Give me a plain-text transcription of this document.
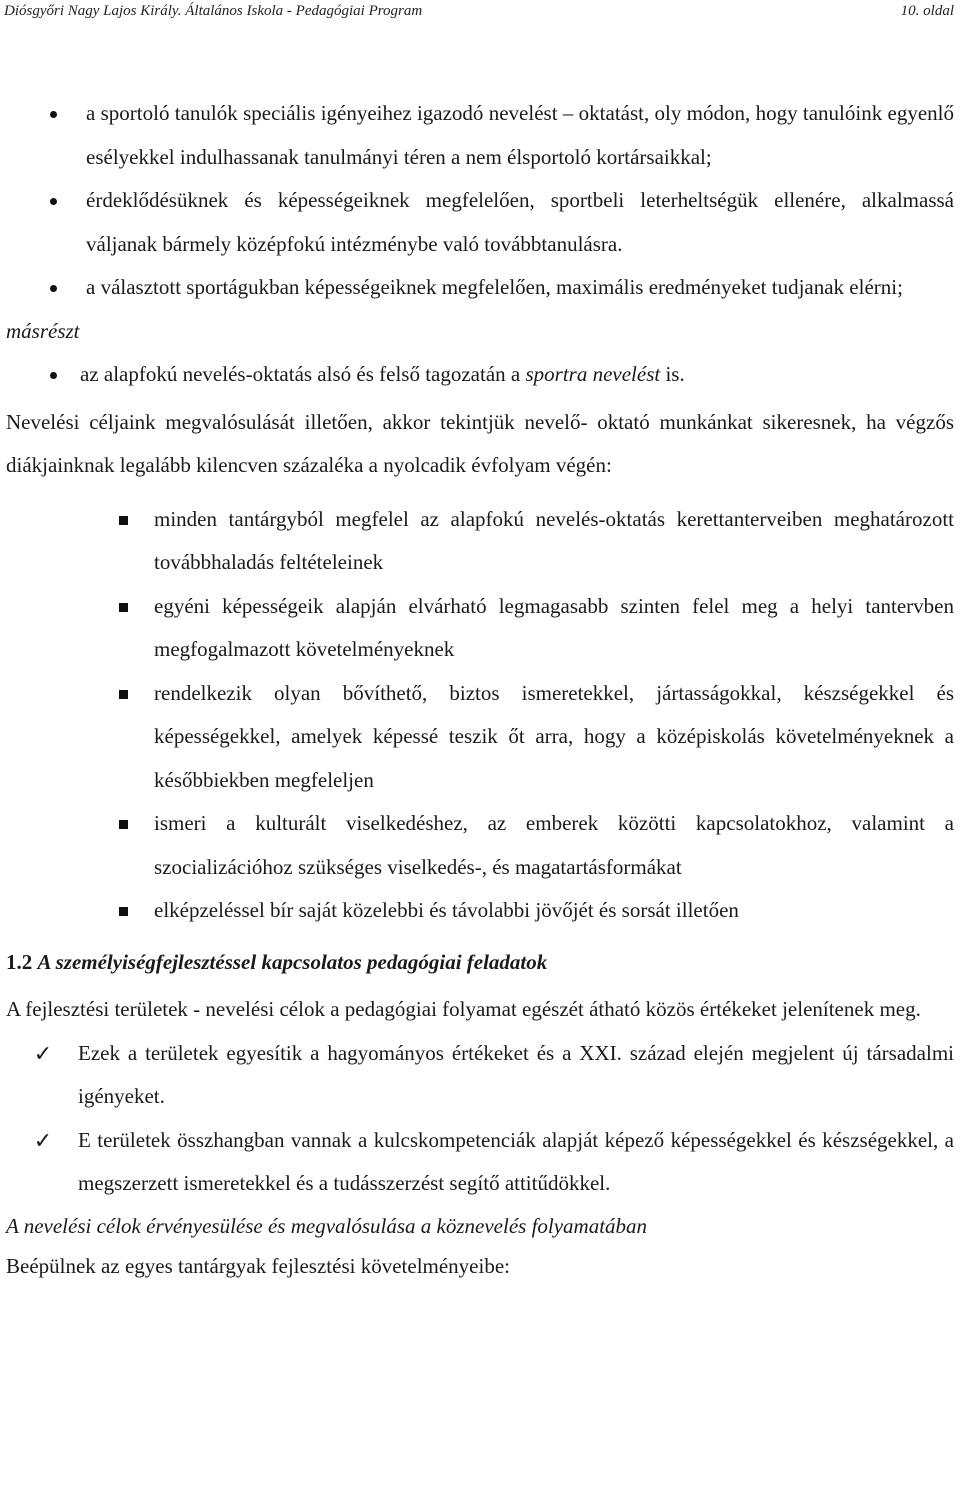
Diósgyőri Nagy Lajos Király. Általános Iskola - Pedagógiai Program	10. oldal
a sportoló tanulók speciális igényeihez igazodó nevelést – oktatást, oly módon, hogy tanulóink egyenlő esélyekkel indulhassanak tanulmányi téren a nem élsportoló kortársaikkal;
érdeklődésüknek és képességeiknek megfelelően, sportbeli leterheltségük ellenére, alkalmassá váljanak bármely középfokú intézménybe való továbbtanulásra.
a választott sportágukban képességeiknek megfelelően, maximális eredményeket tudjanak elérni;
másrészt
az alapfokú nevelés-oktatás alsó és felső tagozatán a sportra nevelést is.
Nevelési céljaink megvalósulását illetően, akkor tekintjük nevelő- oktató munkánkat sikeresnek, ha végzős diákjainknak legalább kilencven százaléka a nyolcadik évfolyam végén:
minden tantárgyból megfelel az alapfokú nevelés-oktatás kerettanterveiben meghatározott továbbhaladás feltételeinek
egyéni képességeik alapján elvárható legmagasabb szinten felel meg a helyi tantervben megfogalmazott követelményeknek
rendelkezik olyan bővíthető, biztos ismeretekkel, jártasságokkal, készségekkel és képességekkel, amelyek képessé teszik őt arra, hogy a középiskolás követelményeknek a későbbiekben megfeleljen
ismeri a kulturált viselkedéshez, az emberek közötti kapcsolatokhoz, valamint a szocializációhoz szükséges viselkedés-, és magatartásformákat
elképzeléssel bír saját közelebbi és távolabbi jövőjét és sorsát illetően
1.2 A személyiségfejlesztéssel kapcsolatos pedagógiai feladatok
A fejlesztési területek - nevelési célok a pedagógiai folyamat egészét átható közös értékeket jelenítenek meg.
✓ Ezek a területek egyesítik a hagyományos értékeket és a XXI. század elején megjelent új társadalmi igényeket.
✓ E területek összhangban vannak a kulcskompetenciák alapját képező képességekkel és készségekkel, a megszerzett ismeretekkel és a tudásszerzést segítő attitűdökkel.
A nevelési célok érvényesülése és megvalósulása a köznevelés folyamatában
Beépülnek az egyes tantárgyak fejlesztési követelményeibe:
